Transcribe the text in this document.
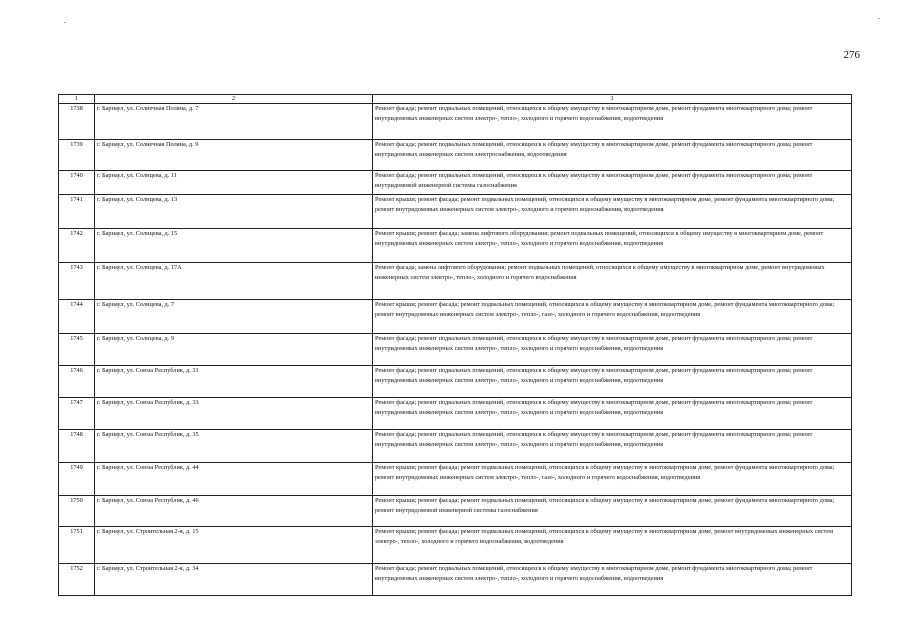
276
1	2	3
1738	г. Барнаул, ул. Солнечная Поляна, д. 7	Ремонт фасада; ремонт подвальных помещений, относящихся к общему имуществу в многоквартирном доме, ремонт фундамента многоквартирного дома; ремонт внутридомовых инженерных систем электро-, тепло-, холодного и горячего водоснабжения, водоотведения
1739	г. Барнаул, ул. Солнечная Поляна, д. 9	Ремонт фасада; ремонт подвальных помещений, относящихся к общему имуществу в многоквартирном доме, ремонт фундамента многоквартирного дома; ремонт внутридомовых инженерных систем электроснабжения, водоотведения
1740	г. Барнаул, ул. Солнцева, д. 11	Ремонт фасада; ремонт подвальных помещений, относящихся к общему имуществу в многоквартирном доме, ремонт фундамента многоквартирного дома; ремонт внутридомовой инженерной системы газоснабжения
1741	г. Барнаул, ул. Солнцева, д. 13	Ремонт крыши; ремонт фасада; ремонт подвальных помещений, относящихся к общему имуществу в многоквартирном доме, ремонт фундамента многоквартирного дома; ремонт внутридомовых инженерных систем электро-, холодного и горячего водоснабжения, водоотведения
1742	г. Барнаул, ул. Солнцева, д. 15	Ремонт крыши; ремонт фасада; замена лифтового оборудования; ремонт подвальных помещений, относящихся к общему имуществу в многоквартирном доме, ремонт внутридомовых инженерных систем электро-, тепло-, холодного и горячего водоснабжения, водоотведения
1743	г. Барнаул, ул. Солнцева, д. 17А	Ремонт фасада; замена лифтового оборудования; ремонт подвальных помещений, относящихся к общему имуществу в многоквартирном доме, ремонт внутридомовых инженерных систем электро-, тепло-, холодного и горячего водоснабжения
1744	г. Барнаул, ул. Солнцева, д. 7	Ремонт крыши; ремонт фасада; ремонт подвальных помещений, относящихся к общему имуществу в многоквартирном доме, ремонт фундамента многоквартирного дома; ремонт внутридомовых инженерных систем электро-, тепло-, газо-, холодного и горячего водоснабжения, водоотведения
1745	г. Барнаул, ул. Солнцева, д. 9	Ремонт фасада; ремонт подвальных помещений, относящихся к общему имуществу в многоквартирном доме, ремонт фундамента многоквартирного дома; ремонт внутридомовых инженерных систем электро-, тепло-, холодного и горячего водоснабжения, водоотведения
1746	г. Барнаул, ул. Союза Республик, д. 31	Ремонт фасада; ремонт подвальных помещений, относящихся к общему имуществу в многоквартирном доме, ремонт фундамента многоквартирного дома; ремонт внутридомовых инженерных систем электро-, тепло-, холодного и горячего водоснабжения, водоотведения
1747	г. Барнаул, ул. Союза Республик, д. 33	Ремонт фасада; ремонт подвальных помещений, относящихся к общему имуществу в многоквартирном доме, ремонт фундамента многоквартирного дома; ремонт внутридомовых инженерных систем электро-, тепло-, холодного и горячего водоснабжения, водоотведения
1748	г. Барнаул, ул. Союза Республик, д. 35	Ремонт фасада; ремонт подвальных помещений, относящихся к общему имуществу в многоквартирном доме, ремонт фундамента многоквартирного дома; ремонт внутридомовых инженерных систем электро-, тепло-, холодного и горячего водоснабжения, водоотведения
1749	г. Барнаул, ул. Союза Республик, д. 44	Ремонт крыши; ремонт фасада; ремонт подвальных помещений, относящихся к общему имуществу в многоквартирном доме, ремонт фундамента многоквартирного дома; ремонт внутридомовых инженерных систем электро-, тепло-, газо-, холодного и горячего водоснабжения, водоотведения
1750	г. Барнаул, ул. Союза Республик, д. 46	Ремонт крыши; ремонт фасада; ремонт подвальных помещений, относящихся к общему имуществу в многоквартирном доме, ремонт фундамента многоквартирного дома; ремонт внутридомовой инженерной системы газоснабжения
1751	г. Барнаул, ул. Строительная 2-я, д. 15	Ремонт крыши; ремонт фасада; ремонт подвальных помещений, относящихся к общему имуществу в многоквартирном доме, ремонт внутридомовых инженерных систем электро-, тепло-, холодного и горячего водоснабжения, водоотведения
1752	г. Барнаул, ул. Строительная 2-я, д. 34	Ремонт фасада; ремонт подвальных помещений, относящихся к общему имуществу в многоквартирном доме, ремонт фундамента многоквартирного дома; ремонт внутридомовых инженерных систем электро-, тепло-, холодного и горячего водоснабжения, водоотведения
